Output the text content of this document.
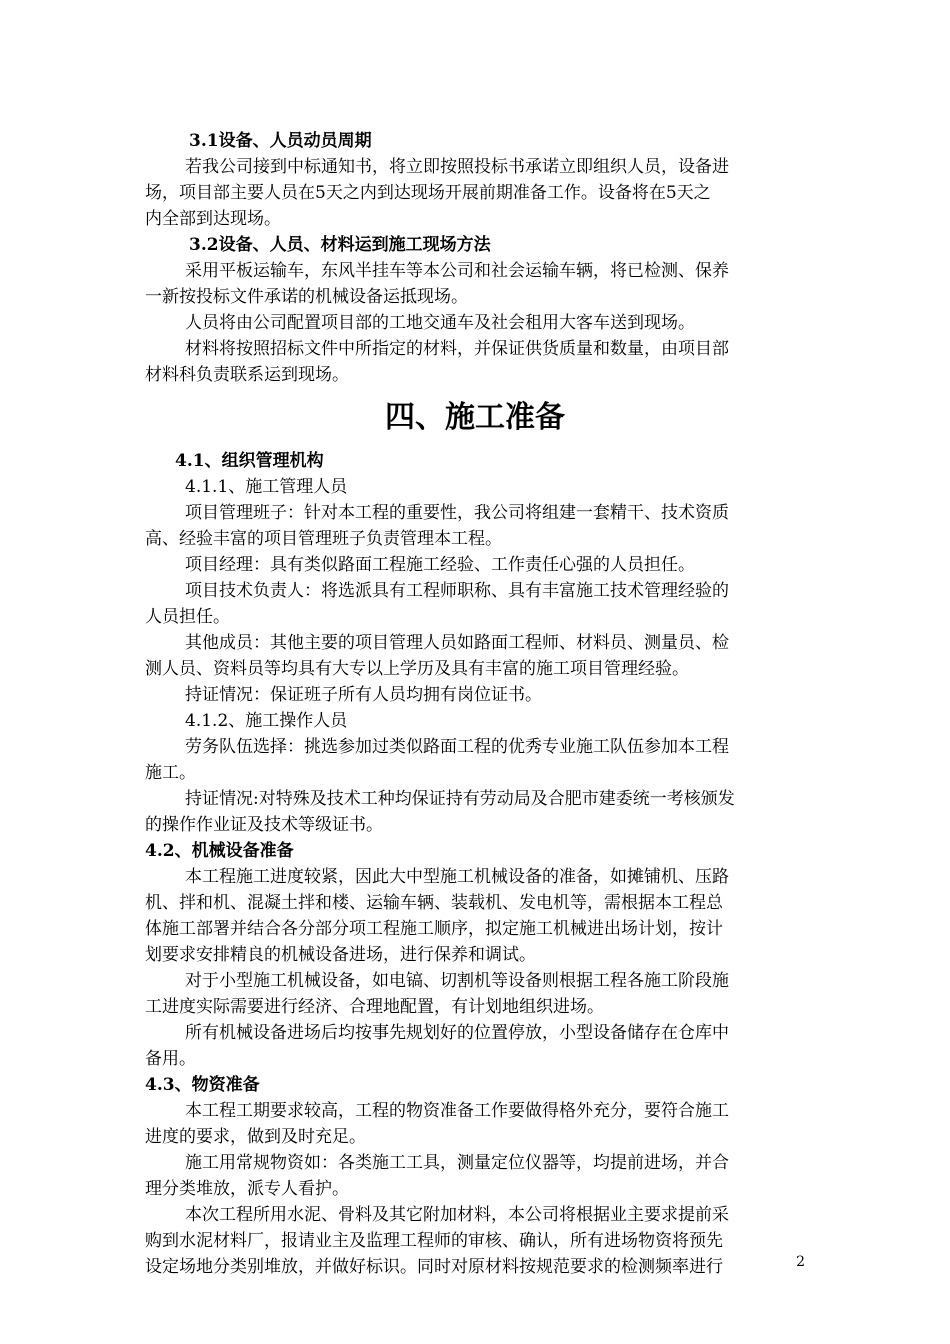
3.1设备、人员动员周期
若我公司接到中标通知书，将立即按照投标书承诺立即组织人员，设备进
场，项目部主要人员在5天之内到达现场开展前期准备工作。设备将在5天之
内全部到达现场。
3.2设备、人员、材料运到施工现场方法
采用平板运输车，东风半挂车等本公司和社会运输车辆，将已检测、保养
一新按投标文件承诺的机械设备运抵现场。
人员将由公司配置项目部的工地交通车及社会租用大客车送到现场。
材料将按照招标文件中所指定的材料，并保证供货质量和数量，由项目部
材料科负责联系运到现场。
四、施工准备
4.1、组织管理机构
4.1.1、施工管理人员
项目管理班子：针对本工程的重要性，我公司将组建一套精干、技术资质
高、经验丰富的项目管理班子负责管理本工程。
项目经理：具有类似路面工程施工经验、工作责任心强的人员担任。
项目技术负责人：将选派具有工程师职称、具有丰富施工技术管理经验的
人员担任。
其他成员：其他主要的项目管理人员如路面工程师、材料员、测量员、检
测人员、资料员等均具有大专以上学历及具有丰富的施工项目管理经验。
持证情况：保证班子所有人员均拥有岗位证书。
4.1.2、施工操作人员
劳务队伍选择：挑选参加过类似路面工程的优秀专业施工队伍参加本工程
施工。
持证情况:对特殊及技术工种均保证持有劳动局及合肥市建委统一考核颁发
的操作作业证及技术等级证书。
4.2、机械设备准备
本工程施工进度较紧，因此大中型施工机械设备的准备，如摊铺机、压路
机、拌和机、混凝土拌和楼、运输车辆、装载机、发电机等，需根据本工程总
体施工部署并结合各分部分项工程施工顺序，拟定施工机械进出场计划，按计
划要求安排精良的机械设备进场，进行保养和调试。
对于小型施工机械设备，如电镐、切割机等设备则根据工程各施工阶段施
工进度实际需要进行经济、合理地配置，有计划地组织进场。
所有机械设备进场后均按事先规划好的位置停放，小型设备储存在仓库中
备用。
4.3、物资准备
本工程工期要求较高，工程的物资准备工作要做得格外充分，要符合施工
进度的要求，做到及时充足。
施工用常规物资如：各类施工工具，测量定位仪器等，均提前进场，并合
理分类堆放，派专人看护。
本次工程所用水泥、骨料及其它附加材料，本公司将根据业主要求提前采
购到水泥材料厂，报请业主及监理工程师的审核、确认，所有进场物资将预先
设定场地分类别堆放，并做好标识。同时对原材料按规范要求的检测频率进行	2
